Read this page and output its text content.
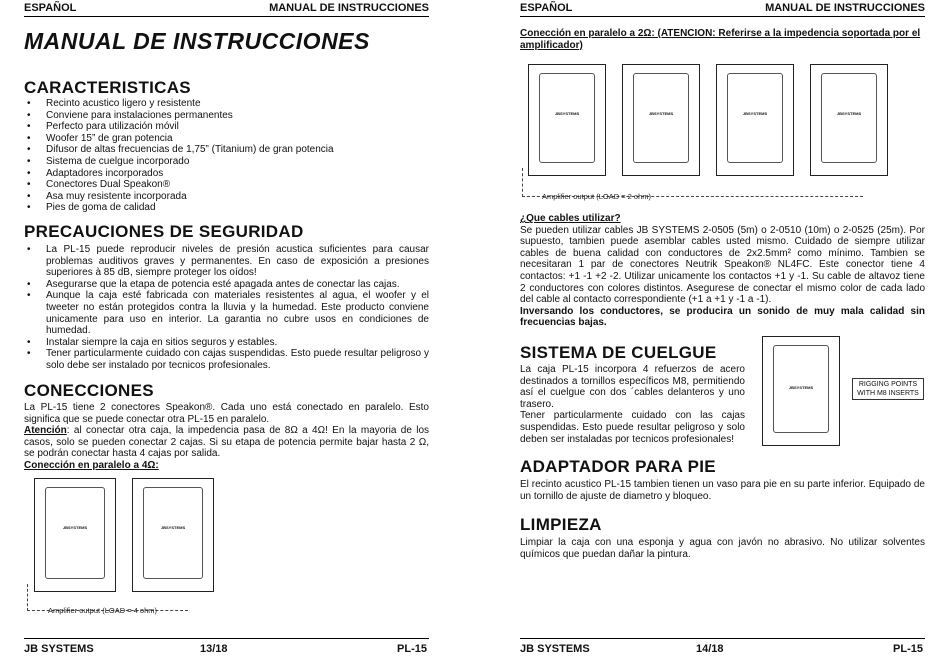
ESPAÑOL	MANUAL DE INSTRUCCIONES
MANUAL DE INSTRUCCIONES
CARACTERISTICAS
• Recinto acustico ligero y resistente
• Conviene para instalaciones permanentes
• Perfecto para utilización móvil
• Woofer 15” de gran potencia
• Difusor de altas frecuencias de 1,75” (Titanium) de gran potencia
• Sistema de cuelgue incorporado
• Adaptadores incorporados
• Conectores Dual Speakon®
• Asa muy resistente incorporada
• Pies de goma de calidad
PRECAUCIONES DE SEGURIDAD
• La PL-15 puede reproducir niveles de presión acustica suficientes para causar problemas auditivos graves y permanentes. En caso de exposición a presiones superiores à 85 dB, siempre proteger los oídos!
• Asegurarse que la etapa de potencia esté apagada antes de conectar las cajas.
• Aunque la caja esté fabricada con materiales resistentes al agua, el woofer y el tweeter no están protegidos contra la lluvia y la humedad. Este producto conviene unicamente para uso en interior. La garantia no cubre usos en condiciones de humedad.
• Instalar siempre la caja en sitios seguros y estables.
• Tener particularmente cuidado con cajas suspendidas. Esto puede resultar peligroso y solo debe ser instalado por tecnicos profesionales.
CONECCIONES
La PL-15 tiene 2 conectores Speakon®. Cada uno está conectado en paralelo. Esto significa que se puede conectar otra PL-15 en paralelo.
Atención: al conectar otra caja, la impedencia pasa de 8Ω a 4Ω! En la mayoria de los casos, solo se pueden conectar 2 cajas. Si su etapa de potencia permite bajar hasta 2 Ω, se podrán conectar hasta 4 cajas por salida.
Conección en paralelo a 4Ω:
JBSYSTEMS	JBSYSTEMS
Amplifier output (LOAD = 4 ohm)
JB SYSTEMS	13/18	PL-15
ESPAÑOL	MANUAL DE INSTRUCCIONES
Conección en paralelo a 2Ω: (ATENCION: Referirse a la impedencia soportada por el amplificador)
JBSYSTEMS	JBSYSTEMS	JBSYSTEMS	JBSYSTEMS
Amplifier output (LOAD = 2 ohm)
¿Que cables utilizar?
Se pueden utilizar cables JB SYSTEMS 2-0505 (5m) o 2-0510 (10m) o 2-0525 (25m). Por supuesto, tambien puede asemblar cables usted mismo. Cuidado de siempre utilizar cables de buena calidad con conductores de 2x2.5mm² como mínimo. Tambien se necesitaran 1 par de conectores Neutrik Speakon® NL4FC. Este conector tiene 4 contactos: +1 -1 +2 -2. Utilizar unicamente los contactos +1 y -1. Su cable de altavoz tiene 2 conductores con colores distintos. Asegurese de conectar el mismo color de cada lado del cable al contacto correspondiente (+1 a +1 y -1 a -1).
Inversando los conductores, se producira un sonido de muy mala calidad sin frecuencias bajas.
SISTEMA DE CUELGUE
La caja PL-15 incorpora 4 refuerzos de acero destinados a tornillos específicos M8, permitiendo así el cuelgue con dos ´cables delanteros y uno trasero.
Tener particularmente cuidado con las cajas suspendidas. Esto puede resultar peligroso y solo deben ser instaladas por tecnicos profesionales!
JBSYSTEMS	RIGGING POINTS WITH M8 INSERTS
ADAPTADOR PARA PIE
El recinto acustico PL-15 tambien tienen un vaso para pie en su parte inferior. Equipado de un tornillo de ajuste de diametro y bloqueo.
LIMPIEZA
Limpiar la caja con una esponja y agua con javón no abrasivo. No utilizar solventes químicos que puedan dañar la pintura.
JB SYSTEMS	14/18	PL-15
